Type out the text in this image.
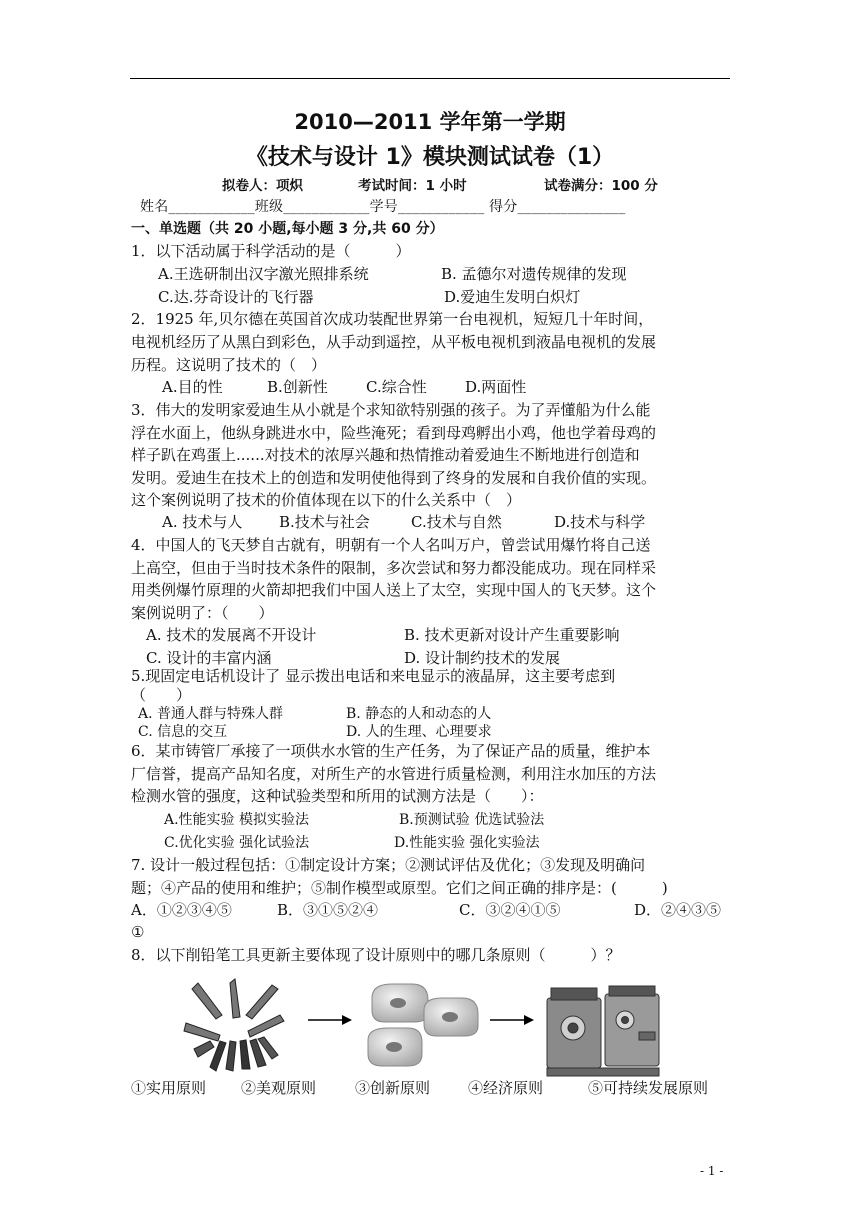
2010—2011 学年第一学期
《技术与设计 1》模块测试试卷（1）
拟卷人：项炽	考试时间：1 小时	试卷满分：100 分
姓名____________班级____________学号____________ 得分_______________
一、单选题（共 20 小题,每小题 3 分,共 60 分）
1．以下活动属于科学活动的是（　　　）
A.王选研制出汉字激光照排系统	B. 孟德尔对遗传规律的发现
C.达.芬奇设计的飞行器	D.爱迪生发明白炽灯
2．1925 年,贝尔德在英国首次成功装配世界第一台电视机，短短几十年时间，
电视机经历了从黑白到彩色，从手动到遥控，从平板电视机到液晶电视机的发展
历程。这说明了技术的（　）
A.目的性	B.创新性	C.综合性	D.两面性
3．伟大的发明家爱迪生从小就是个求知欲特别强的孩子。为了弄懂船为什么能
浮在水面上，他纵身跳进水中，险些淹死；看到母鸡孵出小鸡，他也学着母鸡的
样子趴在鸡蛋上......对技术的浓厚兴趣和热情推动着爱迪生不断地进行创造和
发明。爱迪生在技术上的创造和发明使他得到了终身的发展和自我价值的实现。
这个案例说明了技术的价值体现在以下的什么关系中（　）
A. 技术与人 B.技术与社会	C.技术与自然	D.技术与科学
4．中国人的飞天梦自古就有，明朝有一个人名叫万户，曾尝试用爆竹将自己送
上高空，但由于当时技术条件的限制，多次尝试和努力都没能成功。现在同样采
用类例爆竹原理的火箭却把我们中国人送上了太空，实现中国人的飞天梦。这个
案例说明了：（　　）
A. 技术的发展离不开设计	B. 技术更新对设计产生重要影响
C. 设计的丰富内涵	D. 设计制约技术的发展
5.现固定电话机设计了 显示拨出电话和来电显示的液晶屏，这主要考虑到
（　　）
A. 普通人群与特殊人群	B. 静态的人和动态的人
C. 信息的交互	D. 人的生理、心理要求
6．某市铸管厂承接了一项供水水管的生产任务，为了保证产品的质量，维护本
厂信誉，提高产品知名度，对所生产的水管进行质量检测，利用注水加压的方法
检测水管的强度，这种试验类型和所用的试测方法是（　　）：
A.性能实验 模拟实验法	B.预测试验 优选试验法
C.优化实验 强化试验法	D.性能实验 强化实验法
7. 设计一般过程包括：①制定设计方案；②测试评估及优化；③发现及明确问
题；④产品的使用和维护；⑤制作模型或原型。它们之间正确的排序是：(　　　)
A．①②③④⑤	B．③①⑤②④	C．③②④①⑤	D．②④③⑤
①
8．以下削铅笔工具更新主要体现了设计原则中的哪几条原则（　　　）？
①实用原则 ②美观原则	③创新原则	④经济原则	⑤可持续发展原则
- 1 -
